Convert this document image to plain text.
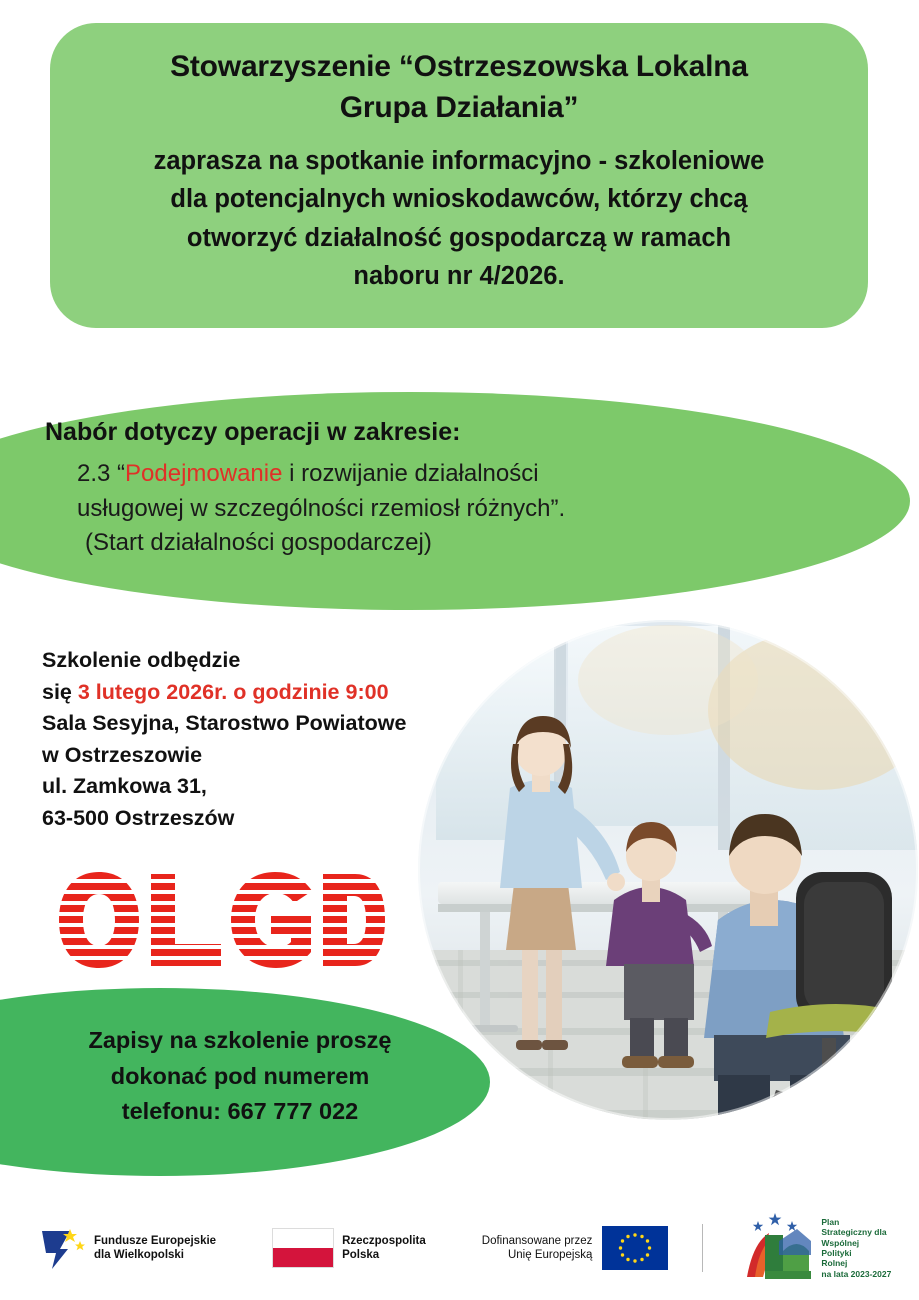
Stowarzyszenie “Ostrzeszowska Lokalna
Grupa Działania”
zaprasza na spotkanie informacyjno - szkoleniowe
dla potencjalnych wnioskodawców, którzy chcą
otworzyć działalność gospodarczą w ramach
naboru nr 4/2026.
Nabór dotyczy operacji w zakresie:
2.3 “Podejmowanie i rozwijanie działalności
usługowej w szczególności rzemiosł różnych”.
(Start działalności gospodarczej)
Szkolenie odbędzie
się 3 lutego 2026r. o godzinie 9:00
Sala Sesyjna, Starostwo Powiatowe
w Ostrzeszowie
ul. Zamkowa 31,
63-500 Ostrzeszów
Zapisy na szkolenie proszę
dokonać pod numerem
telefonu: 667 777 022
Fundusze Europejskie
dla Wielkopolski
Rzeczpospolita
Polska
Dofinansowane przez
Unię Europejską
Plan
Strategiczny dla
Wspólnej
Polityki
Rolnej
na lata 2023-2027
